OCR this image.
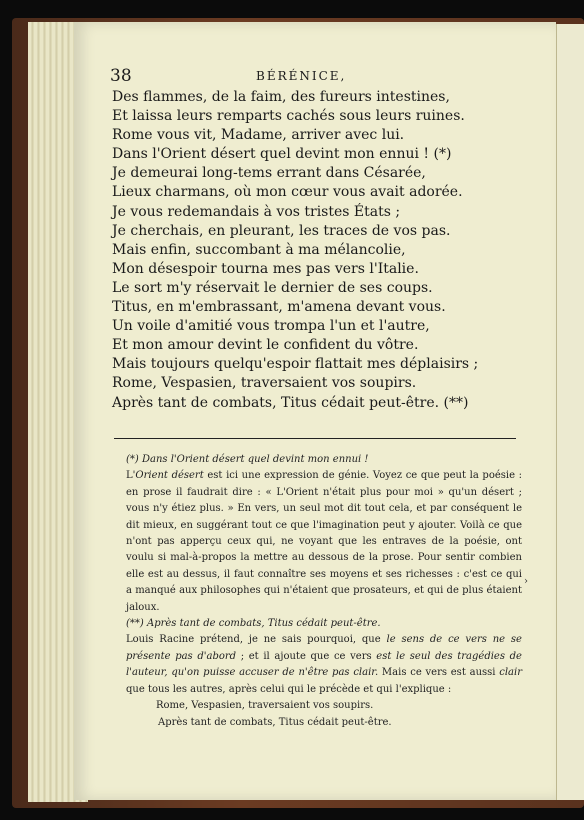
38	BÉRÉNICE,
Des flammes, de la faim, des fureurs intestines,
Et laissa leurs remparts cachés sous leurs ruines.
Rome vous vit, Madame, arriver avec lui.
Dans l'Orient désert quel devint mon ennui ! (*)
Je demeurai long-tems errant dans Césarée,
Lieux charmans, où mon cœur vous avait adorée.
Je vous redemandais à vos tristes États ;
Je cherchais, en pleurant, les traces de vos pas.
Mais enfin, succombant à ma mélancolie,
Mon désespoir tourna mes pas vers l'Italie.
Le sort m'y réservait le dernier de ses coups.
Titus, en m'embrassant, m'amena devant vous.
Un voile d'amitié vous trompa l'un et l'autre,
Et mon amour devint le confident du vôtre.
Mais toujours quelqu'espoir flattait mes déplaisirs ;
Rome, Vespasien, traversaient vos soupirs.
Après tant de combats, Titus cédait peut-être. (**)
(*) Dans l'Orient désert quel devint mon ennui !
L'Orient désert est ici une expression de génie. Voyez ce que peut la poésie : en prose il faudrait dire : « L'Orient n'était plus pour moi » qu'un désert ; vous n'y étiez plus. » En vers, un seul mot dit tout cela, et par conséquent le dit mieux, en suggérant tout ce que l'imagination peut y ajouter. Voilà ce que n'ont pas apperçu ceux qui, ne voyant que les entraves de la poésie, ont voulu si mal-à-propos la mettre au dessous de la prose. Pour sentir combien elle est au dessus, il faut connaître ses moyens et ses richesses : c'est ce qui a manqué aux philosophes qui n'étaient que prosateurs, et qui de plus étaient jaloux.
(**) Après tant de combats, Titus cédait peut-être.
Louis Racine prétend, je ne sais pourquoi, que le sens de ce vers ne se présente pas d'abord ; et il ajoute que ce vers est le seul des tragédies de l'auteur, qu'on puisse accuser de n'être pas clair. Mais ce vers est aussi clair que tous les autres, après celui qui le précède et qui l'explique :
Rome, Vespasien, traversaient vos soupirs.
Après tant de combats, Titus cédait peut-être.
›
